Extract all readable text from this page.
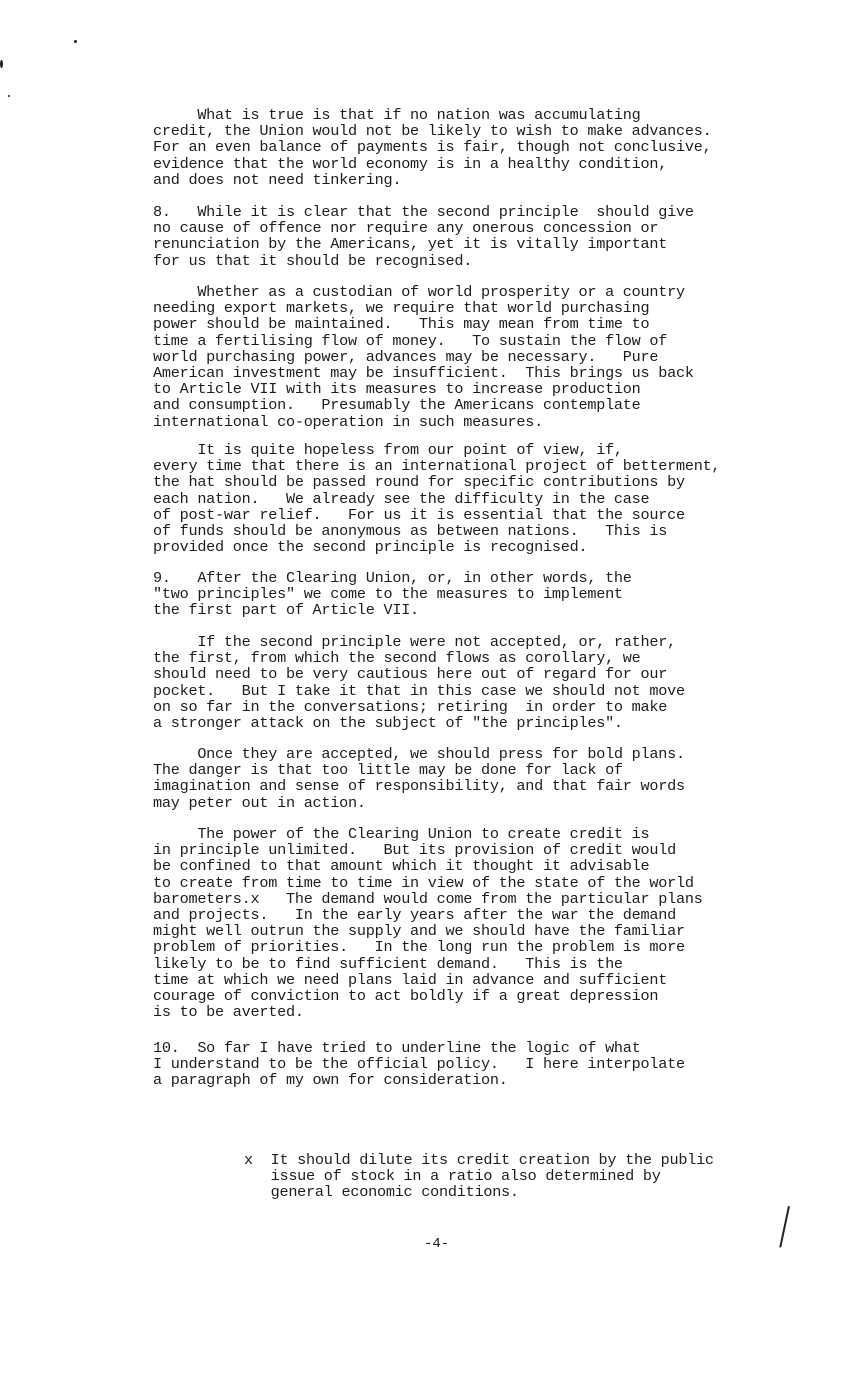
What is true is that if no nation was accumulating
credit, the Union would not be likely to wish to make advances.
For an even balance of payments is fair, though not conclusive,
evidence that the world economy is in a healthy condition,
and does not need tinkering.
8.   While it is clear that the second principle  should give
no cause of offence nor require any onerous concession or
renunciation by the Americans, yet it is vitally important
for us that it should be recognised.
Whether as a custodian of world prosperity or a country
needing export markets, we require that world purchasing
power should be maintained.   This may mean from time to
time a fertilising flow of money.   To sustain the flow of
world purchasing power, advances may be necessary.   Pure
American investment may be insufficient.  This brings us back
to Article VII with its measures to increase production
and consumption.   Presumably the Americans contemplate
international co-operation in such measures.
It is quite hopeless from our point of view, if,
every time that there is an international project of betterment,
the hat should be passed round for specific contributions by
each nation.   We already see the difficulty in the case
of post-war relief.   For us it is essential that the source
of funds should be anonymous as between nations.   This is
provided once the second principle is recognised.
9.   After the Clearing Union, or, in other words, the
"two principles" we come to the measures to implement
the first part of Article VII.
If the second principle were not accepted, or, rather,
the first, from which the second flows as corollary, we
should need to be very cautious here out of regard for our
pocket.   But I take it that in this case we should not move
on so far in the conversations; retiring  in order to make
a stronger attack on the subject of "the principles".
Once they are accepted, we should press for bold plans.
The danger is that too little may be done for lack of
imagination and sense of responsibility, and that fair words
may peter out in action.
The power of the Clearing Union to create credit is
in principle unlimited.   But its provision of credit would
be confined to that amount which it thought it advisable
to create from time to time in view of the state of the world
barometers.x   The demand would come from the particular plans
and projects.   In the early years after the war the demand
might well outrun the supply and we should have the familiar
problem of priorities.   In the long run the problem is more
likely to be to find sufficient demand.   This is the
time at which we need plans laid in advance and sufficient
courage of conviction to act boldly if a great depression
is to be averted.
10.  So far I have tried to underline the logic of what
I understand to be the official policy.   I here interpolate
a paragraph of my own for consideration.
x  It should dilute its credit creation by the public
issue of stock in a ratio also determined by
general economic conditions.
-4-
